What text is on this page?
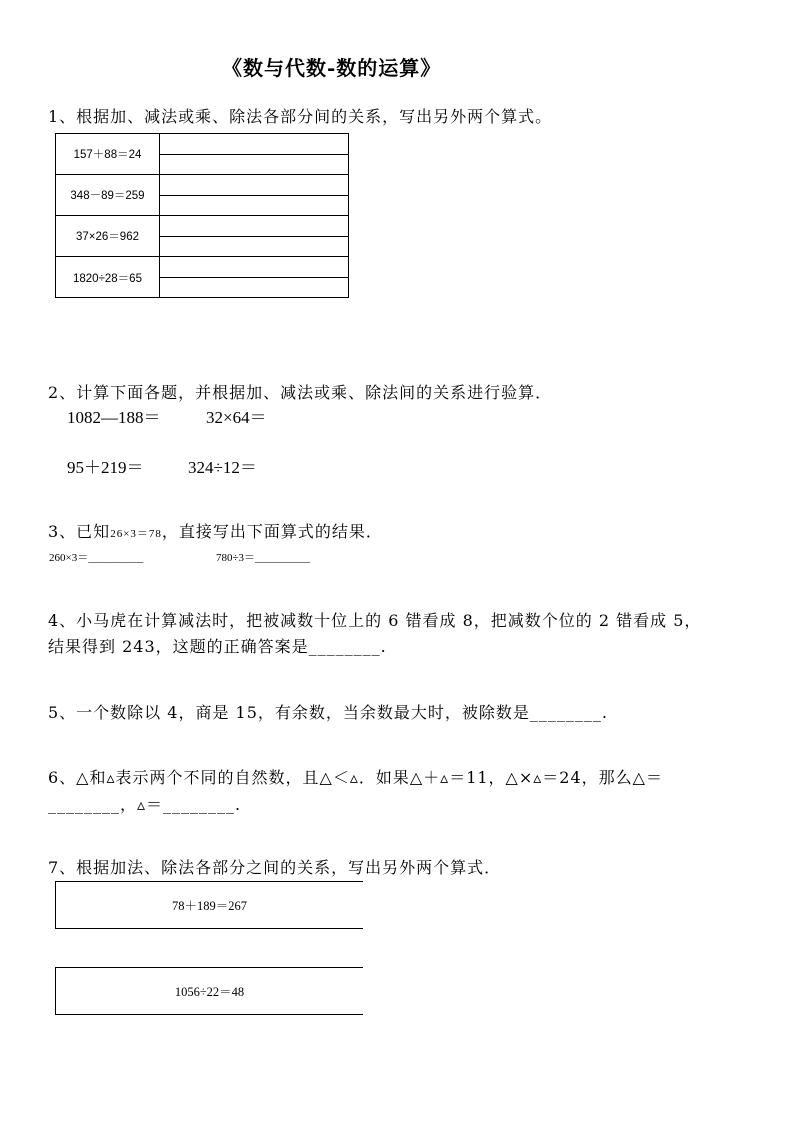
《数与代数-数的运算》
1、根据加、减法或乘、除法各部分间的关系，写出另外两个算式。
157＋88＝24
348－89＝259
37×26＝962
1820÷28＝65
2、计算下面各题，并根据加、减法或乘、除法间的关系进行验算．
1082―188＝	32×64＝
95＋219＝	324÷12＝
3、已知26×3＝78，直接写出下面算式的结果．
260×3＝__________	780÷3＝__________
4、小马虎在计算减法时，把被减数十位上的 6 错看成 8，把减数个位的 2 错看成 5，
结果得到 243，这题的正确答案是________.
5、一个数除以 4，商是 15，有余数，当余数最大时，被除数是________.
6、△和▵表示两个不同的自然数，且△＜▵．如果△＋▵＝11，△×▵＝24，那么△＝
________，▵＝________.
7、根据加法、除法各部分之间的关系，写出另外两个算式．
78＋189＝267
1056÷22＝48
